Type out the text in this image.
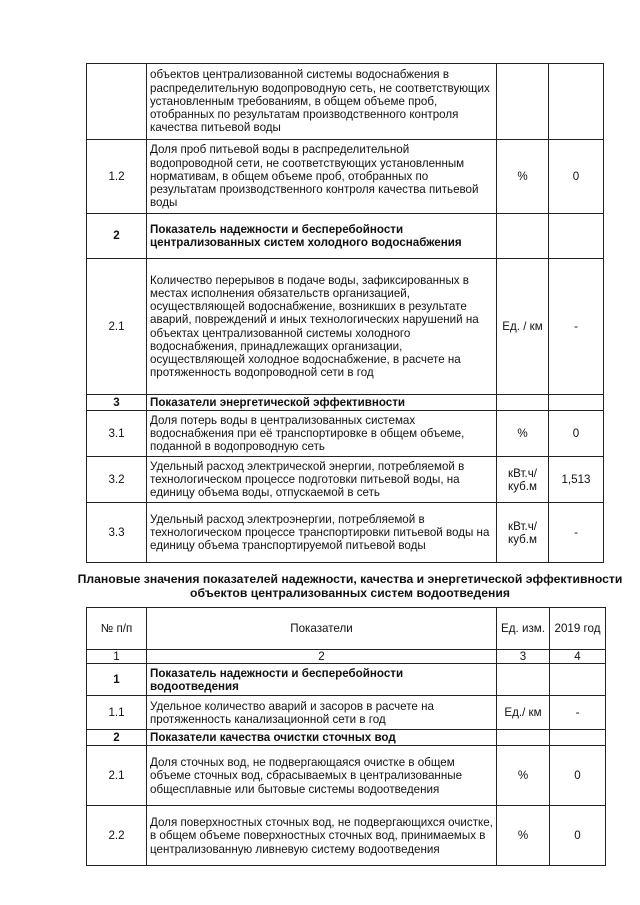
	объектов централизованной системы водоснабжения в распределительную водопроводную сеть, не соответствующих установленным требованиям, в общем объеме проб, отобранных по результатам производственного контроля качества питьевой воды		
1.2	Доля проб питьевой воды в распределительной водопроводной сети, не соответствующих установленным нормативам, в общем объеме проб, отобранных по результатам производственного контроля качества питьевой воды	%	0
2	Показатель надежности и бесперебойности централизованных систем холодного водоснабжения		
2.1	Количество перерывов в подаче воды, зафиксированных в местах исполнения обязательств организацией, осуществляющей водоснабжение, возникших в результате аварий, повреждений и иных технологических нарушений на объектах централизованной системы холодного водоснабжения, принадлежащих организации, осуществляющей холодное водоснабжение, в расчете на протяженность водопроводной сети в год	Ед. / км	-
3	Показатели энергетической эффективности		
3.1	Доля потерь воды в централизованных системах водоснабжения при её транспортировке в общем объеме, поданной в водопроводную сеть	%	0
3.2	Удельный расход электрической энергии, потребляемой в технологическом процессе подготовки питьевой воды, на единицу объема воды, отпускаемой в сеть	кВт.ч/ куб.м	1,513
3.3	Удельный расход электроэнергии, потребляемой в технологическом процессе транспортировки питьевой воды на единицу объема транспортируемой питьевой воды	кВт.ч/ куб.м	-
Плановые значения показателей надежности, качества и энергетической эффективности объектов централизованных систем водоотведения
№ п/п	Показатели	Ед. изм.	2019 год
1	2	3	4
1	Показатель надежности и бесперебойности водоотведения		
1.1	Удельное количество аварий и засоров в расчете на протяженность канализационной сети в год	Ед./ км	-
2	Показатели качества очистки сточных вод		
2.1	Доля сточных вод, не подвергающаяся очистке в общем объеме сточных вод, сбрасываемых в централизованные общесплавные или бытовые системы водоотведения	%	0
2.2	Доля поверхностных сточных вод, не подвергающихся очистке, в общем объеме поверхностных сточных вод, принимаемых в централизованную ливневую систему водоотведения	%	0
